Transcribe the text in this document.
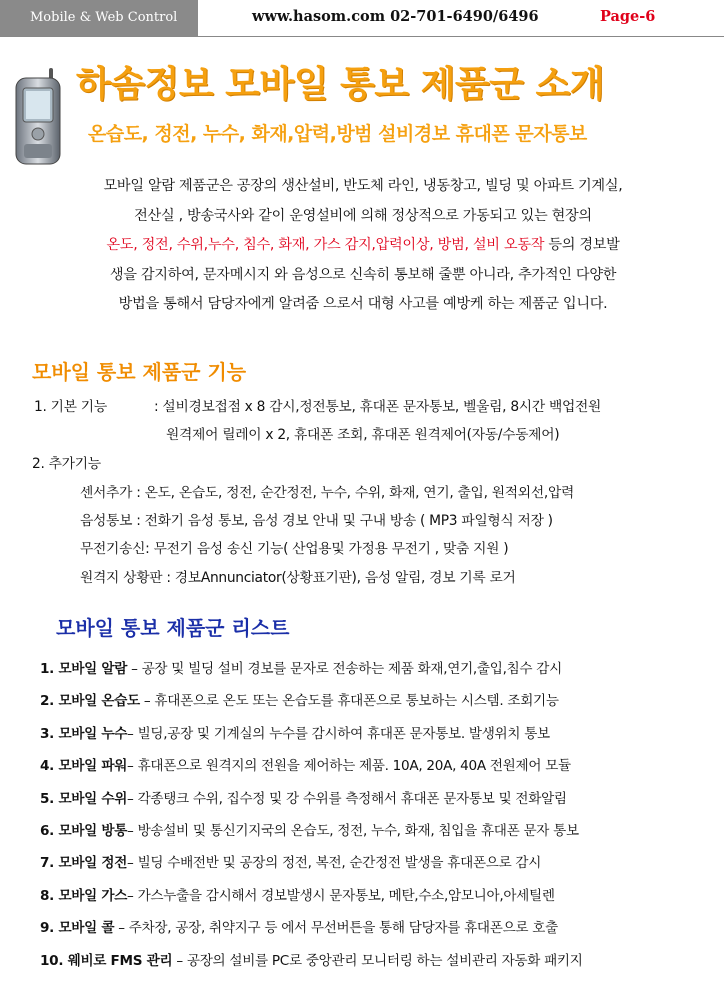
Mobile & Web Control	www.hasom.com 02-701-6490/6496	Page-6
하솜정보 모바일 통보 제품군 소개
온습도, 정전, 누수, 화재,압력,방범 설비경보 휴대폰 문자통보
모바일 알람 제품군은 공장의 생산설비, 반도체 라인, 냉동창고, 빌딩 및 아파트 기계실,
전산실 , 방송국사와 같이 운영설비에 의해 정상적으로 가동되고 있는 현장의
온도, 정전, 수위,누수, 침수, 화재, 가스 감지,압력이상, 방범, 설비 오동작 등의 경보발
생을 감지하여, 문자메시지 와 음성으로 신속히 통보해 줄뿐 아니라, 추가적인 다양한
방법을 통해서 담당자에게 알려줌 으로서 대형 사고를 예방케 하는 제품군 입니다.
모바일 통보 제품군 기능
1. 기본 기능	: 설비경보접점 x 8 감시,정전통보, 휴대폰 문자통보, 벨울림, 8시간 백업전원
원격제어 릴레이 x 2, 휴대폰 조회, 휴대폰 원격제어(자동/수동제어)
2. 추가기능
센서추가 : 온도, 온습도, 정전, 순간정전, 누수, 수위, 화재, 연기, 출입, 원적외선,압력
음성통보 : 전화기 음성 통보, 음성 경보 안내 및 구내 방송 ( MP3 파일형식 저장 )
무전기송신: 무전기 음성 송신 기능( 산업용및 가정용 무전기 , 맞춤 지원 )
원격지 상황판 : 경보Annunciator(상황표기판), 음성 알림, 경보 기록 로거
모바일 통보 제품군 리스트
1. 모바일 알람 – 공장 및 빌딩 설비 경보를 문자로 전송하는 제품 화재,연기,출입,침수 감시
2. 모바일 온습도 – 휴대폰으로 온도 또는 온습도를 휴대폰으로 통보하는 시스템. 조회기능
3. 모바일 누수– 빌딩,공장 및 기계실의 누수를 감시하여 휴대폰 문자통보. 발생위치 통보
4. 모바일 파워– 휴대폰으로 원격지의 전원을 제어하는 제품. 10A, 20A, 40A 전원제어 모듈
5. 모바일 수위– 각종탱크 수위, 집수정 및 강 수위를 측정해서 휴대폰 문자통보 및 전화알림
6. 모바일 방통– 방송설비 및 통신기지국의 온습도, 정전, 누수, 화재, 침입을 휴대폰 문자 통보
7. 모바일 정전– 빌딩 수배전반 및 공장의 정전, 복전, 순간정전 발생을 휴대폰으로 감시
8. 모바일 가스– 가스누출을 감시해서 경보발생시 문자통보, 메탄,수소,암모니아,아세틸렌
9. 모바일 콜 – 주차장, 공장, 취약지구 등 에서 무선버튼을 통해 담당자를 휴대폰으로 호출
10. 웨비로 FMS 관리 – 공장의 설비를 PC로 중앙관리 모니터링 하는 설비관리 자동화 패키지
